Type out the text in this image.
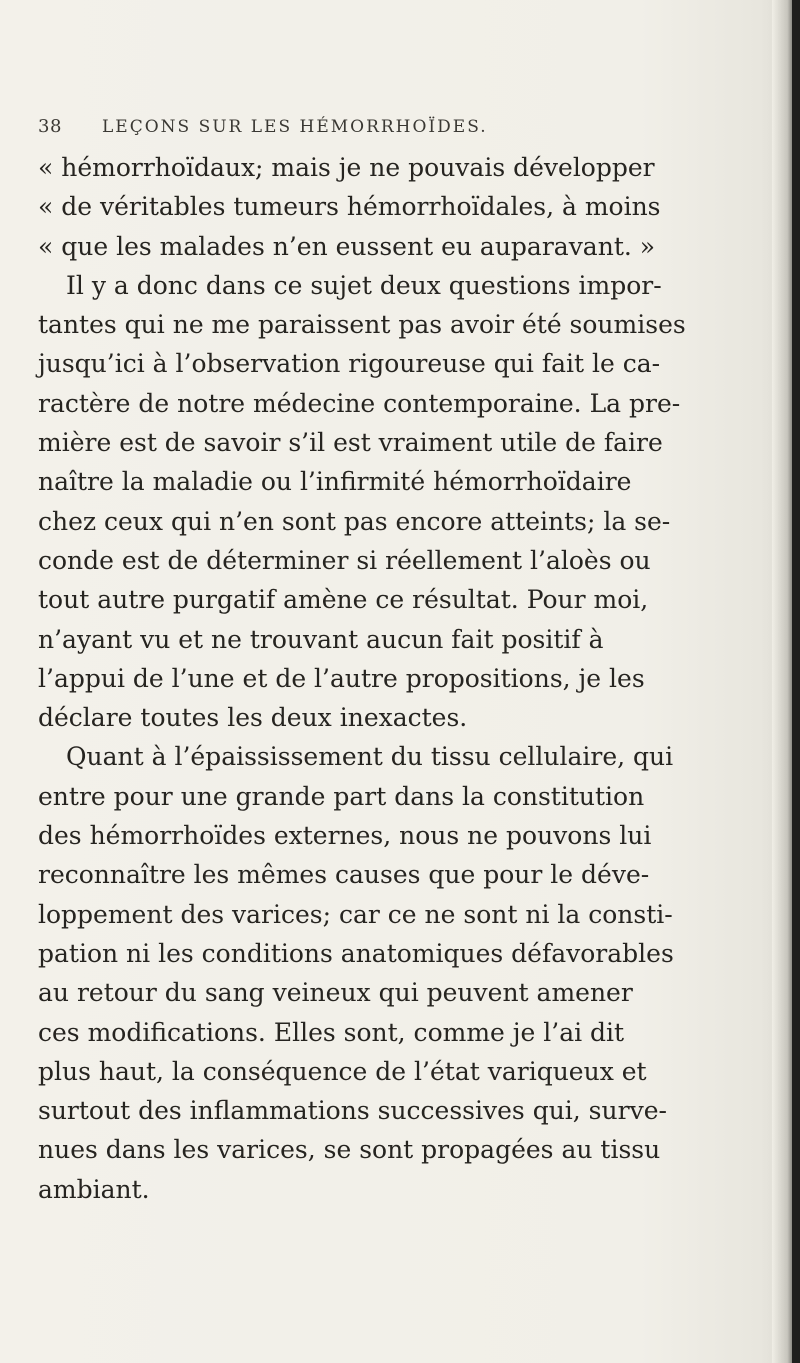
38	LEÇONS SUR LES HÉMORRHOÏDES.
« hémorrhoïdaux; mais je ne pouvais développer
« de véritables tumeurs hémorrhoïdales, à moins
« que les malades n’en eussent eu auparavant. »
Il y a donc dans ce sujet deux questions impor-
tantes qui ne me paraissent pas avoir été soumises
jusqu’ici à l’observation rigoureuse qui fait le ca-
ractère de notre médecine contemporaine. La pre-
mière est de savoir s’il est vraiment utile de faire
naître la maladie ou l’infirmité hémorrhoïdaire
chez ceux qui n’en sont pas encore atteints; la se-
conde est de déterminer si réellement l’aloès ou
tout autre purgatif amène ce résultat. Pour moi,
n’ayant vu et ne trouvant aucun fait positif à
l’appui de l’une et de l’autre propositions, je les
déclare toutes les deux inexactes.
Quant à l’épaississement du tissu cellulaire, qui
entre pour une grande part dans la constitution
des hémorrhoïdes externes, nous ne pouvons lui
reconnaître les mêmes causes que pour le déve-
loppement des varices; car ce ne sont ni la consti-
pation ni les conditions anatomiques défavorables
au retour du sang veineux qui peuvent amener
ces modifications. Elles sont, comme je l’ai dit
plus haut, la conséquence de l’état variqueux et
surtout des inflammations successives qui, surve-
nues dans les varices, se sont propagées au tissu
ambiant.
